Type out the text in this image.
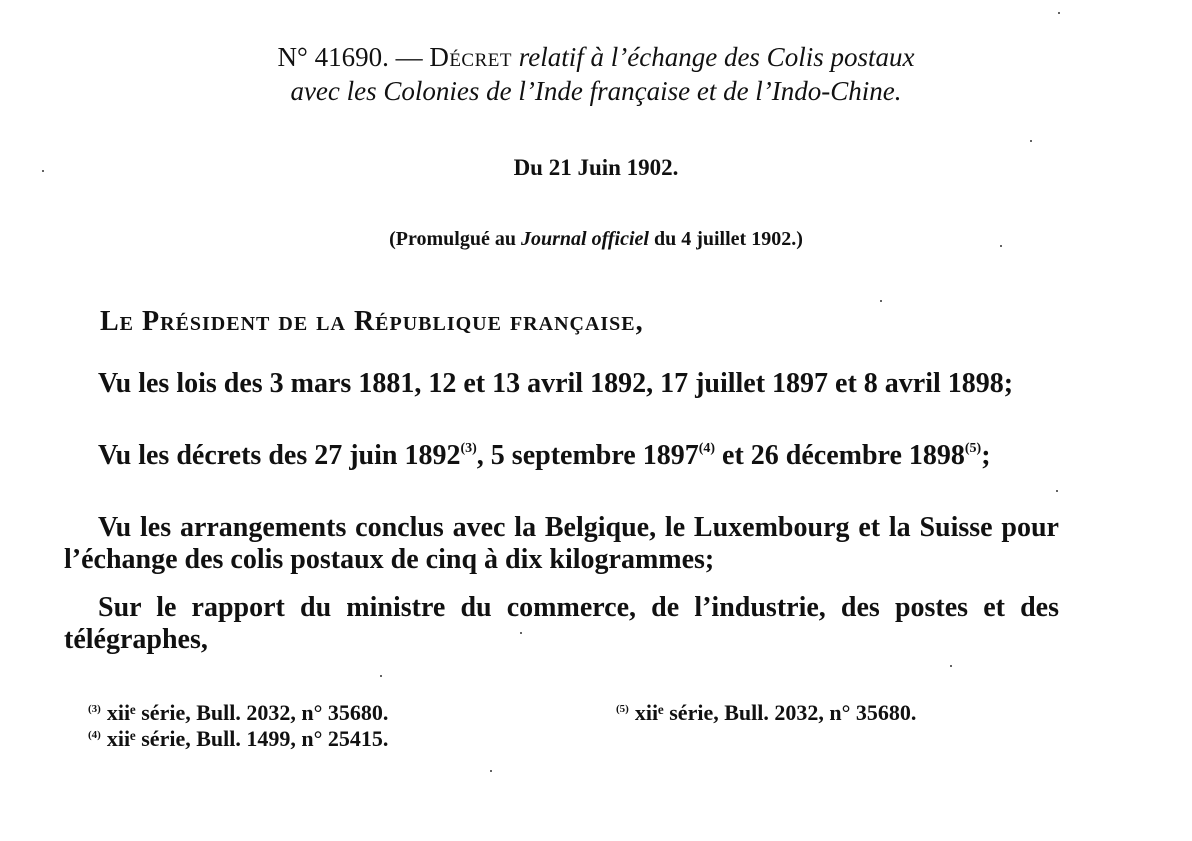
N° 41690. — Décret relatif à l’échange des Colis postaux
avec les Colonies de l’Inde française et de l’Indo-Chine.
Du 21 Juin 1902.
(Promulgué au Journal officiel du 4 juillet 1902.)
Le Président de la République française,
Vu les lois des 3 mars 1881, 12 et 13 avril 1892, 17 juillet 1897 et 8 avril 1898;
Vu les décrets des 27 juin 1892$^{(3)}$, 5 septembre 1897$^{(4)}$ et 26 décembre 1898$^{(5)}$;
Vu les arrangements conclus avec la Belgique, le Luxembourg et la Suisse pour l’échange des colis postaux de cinq à dix kilogrammes;
Sur le rapport du ministre du commerce, de l’industrie, des postes et des télégraphes,
$^{(3)}$ xiiᵉ série, Bull. 2032, n° 35680.	$^{(5)}$ xiiᵉ série, Bull. 2032, n° 35680.
$^{(4)}$ xiiᵉ série, Bull. 1499, n° 25415.
